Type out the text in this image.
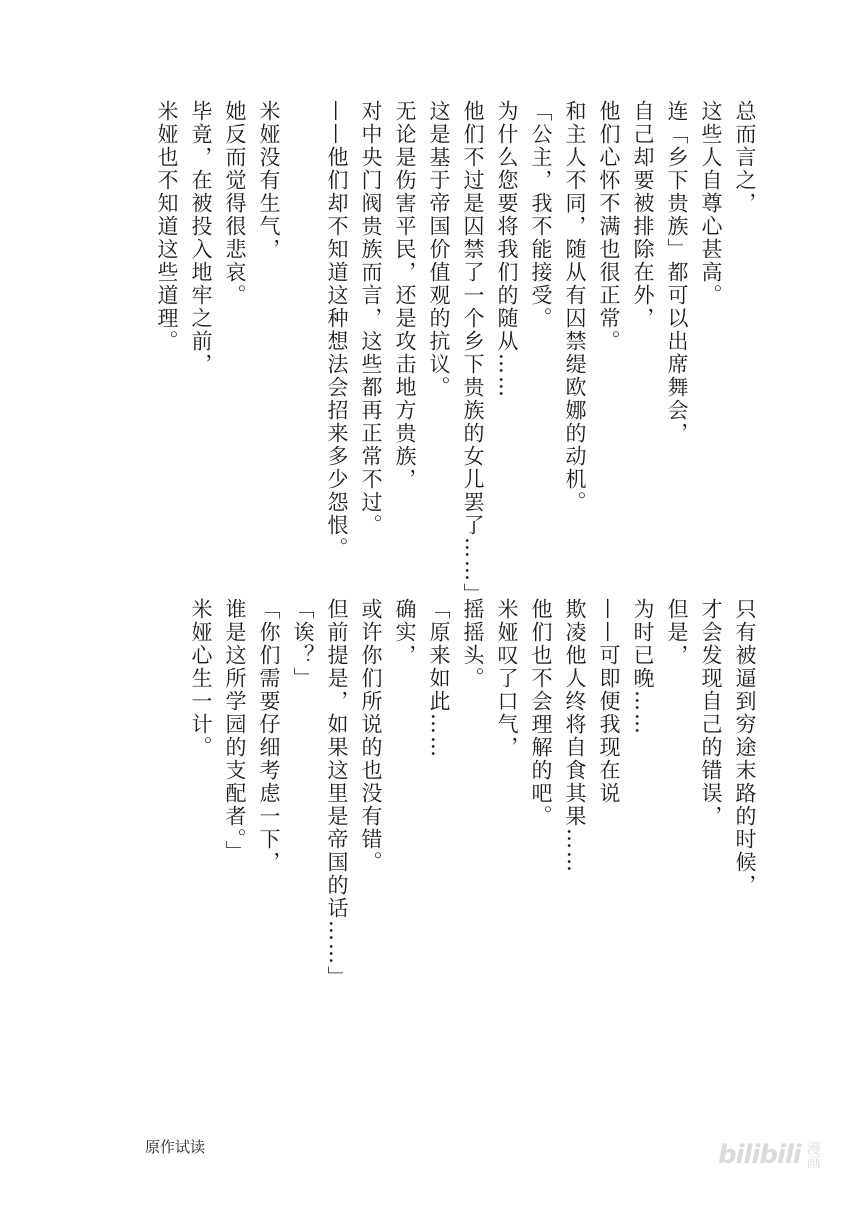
总而言之，
这些人自尊心甚高。
连「乡下贵族」都可以出席舞会，
自己却要被排除在外，
他们心怀不满也很正常。
和主人不同，随从有囚禁缇欧娜的动机。
「公主，我不能接受。
为什么您要将我们的随从……
他们不过是囚禁了一个乡下贵族的女儿罢了……」
这是基于帝国价值观的抗议。
无论是伤害平民，还是攻击地方贵族，
对中央门阀贵族而言，这些都再正常不过。
——他们却不知道这种想法会招来多少怨恨。
米娅没有生气，
她反而觉得很悲哀。
毕竟，在被投入地牢之前，
米娅也不知道这些道理。
只有被逼到穷途末路的时候，
才会发现自己的错误，
但是，
为时已晚……
——可即便我现在说
欺凌他人终将自食其果……
他们也不会理解的吧。
米娅叹了口气，
摇摇头。
「原来如此……
确实，
或许你们所说的也没有错。
但前提是，如果这里是帝国的话……」
「诶？」
「你们需要仔细考虑一下，
谁是这所学园的支配者。」
米娅心生一计。
原作试读	bilibili 漫画
